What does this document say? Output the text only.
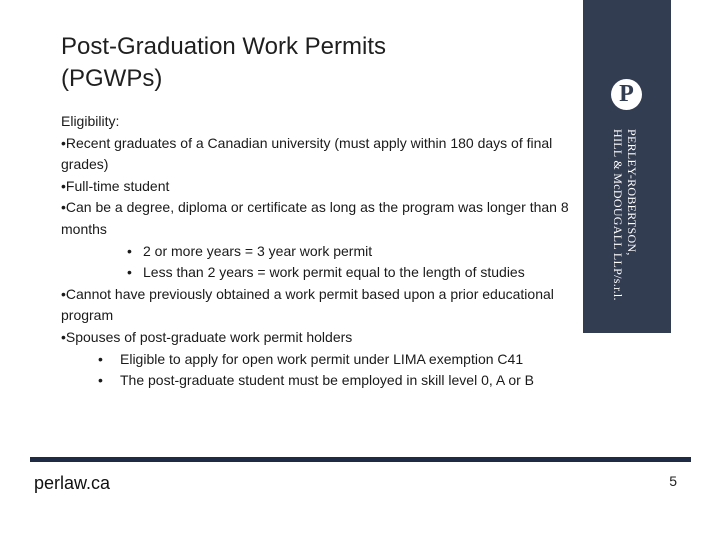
Post-Graduation Work Permits
(PGWPs)

Eligibility:

•Recent graduates of a Canadian university (must apply within 180 days of final grades)

•Full-time student

•Can be a degree, diploma or certificate as long as the program was longer than 8 months

• 2 or more years = 3 year work permit

• Less than 2 years = work permit equal to the length of studies

•Cannot have previously obtained a work permit based upon a prior educational program

•Spouses of post-graduate work permit holders

• Eligible to apply for open work permit under LIMA exemption C41

• The post-graduate student must be employed in skill level 0, A or B

P
PERLEY-ROBERTSON,
HILL & McDOUGALL LLP/s.r.l.
perlaw.ca	5
